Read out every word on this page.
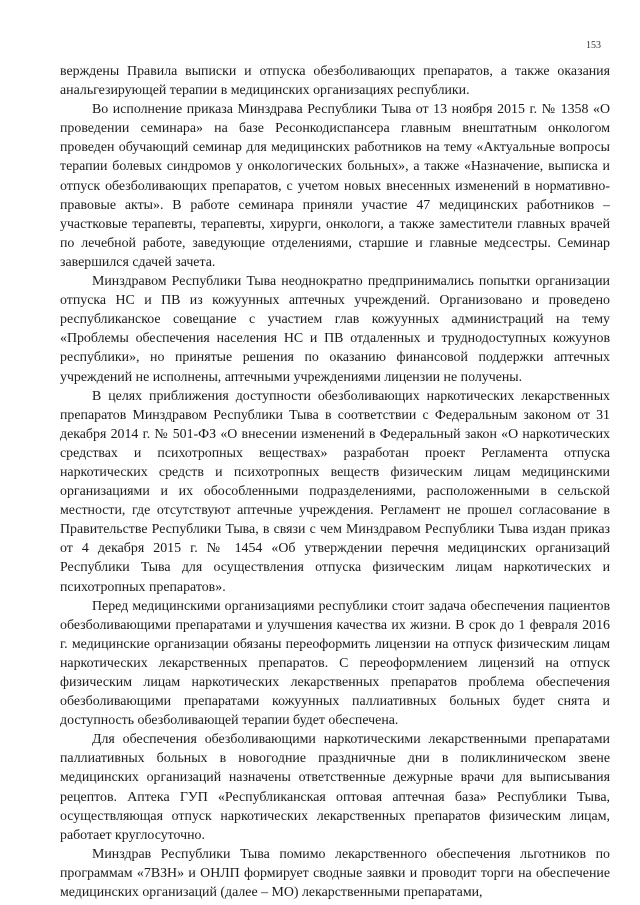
153

верждены Правила выписки и отпуска обезболивающих препаратов, а также оказания анальгезирующей терапии в медицинских организациях республики.

Во исполнение приказа Минздрава Республики Тыва от 13 ноября 2015 г. № 1358 «О проведении семинара» на базе Ресонкодиспансера главным внештатным онкологом проведен обучающий семинар для медицинских работников на тему «Актуальные вопросы терапии болевых синдромов у онкологических больных», а также «Назначение, выписка и отпуск обезболивающих препаратов, с учетом новых внесенных изменений в нормативно-правовые акты». В работе семинара приняли участие 47 медицинских работников – участковые терапевты, терапевты, хирурги, онкологи, а также заместители главных врачей по лечебной работе, заведующие отделениями, старшие и главные медсестры. Семинар завершился сдачей зачета.

Минздравом Республики Тыва неоднократно предпринимались попытки организации отпуска НС и ПВ из кожуунных аптечных учреждений. Организовано и проведено республиканское совещание с участием глав кожуунных администраций на тему «Проблемы обеспечения населения НС и ПВ отдаленных и труднодоступных кожуунов республики», но принятые решения по оказанию финансовой поддержки аптечных учреждений не исполнены, аптечными учреждениями лицензии не получены.

В целях приближения доступности обезболивающих наркотических лекарственных препаратов Минздравом Республики Тыва в соответствии с Федеральным законом от 31 декабря 2014 г. № 501-ФЗ «О внесении изменений в Федеральный закон «О наркотических средствах и психотропных веществах» разработан проект Регламента отпуска наркотических средств и психотропных веществ физическим лицам медицинскими организациями и их обособленными подразделениями, расположенными в сельской местности, где отсутствуют аптечные учреждения. Регламент не прошел согласование в Правительстве Республики Тыва, в связи с чем Минздравом Республики Тыва издан приказ от 4 декабря 2015 г. № 1454 «Об утверждении перечня медицинских организаций Республики Тыва для осуществления отпуска физическим лицам наркотических и психотропных препаратов».

Перед медицинскими организациями республики стоит задача обеспечения пациентов обезболивающими препаратами и улучшения качества их жизни. В срок до 1 февраля 2016 г. медицинские организации обязаны переоформить лицензии на отпуск физическим лицам наркотических лекарственных препаратов. С переоформлением лицензий на отпуск физическим лицам наркотических лекарственных препаратов проблема обеспечения обезболивающими препаратами кожуунных паллиативных больных будет снята и доступность обезболивающей терапии будет обеспечена.

Для обеспечения обезболивающими наркотическими лекарственными препаратами паллиативных больных в новогодние праздничные дни в поликлиническом звене медицинских организаций назначены ответственные дежурные врачи для выписывания рецептов. Аптека ГУП «Республиканская оптовая аптечная база» Республики Тыва, осуществляющая отпуск наркотических лекарственных препаратов физическим лицам, работает круглосуточно.

Минздрав Республики Тыва помимо лекарственного обеспечения льготников по программам «7ВЗН» и ОНЛП формирует сводные заявки и проводит торги на обеспечение медицинских организаций (далее – МО) лекарственными препаратами,
